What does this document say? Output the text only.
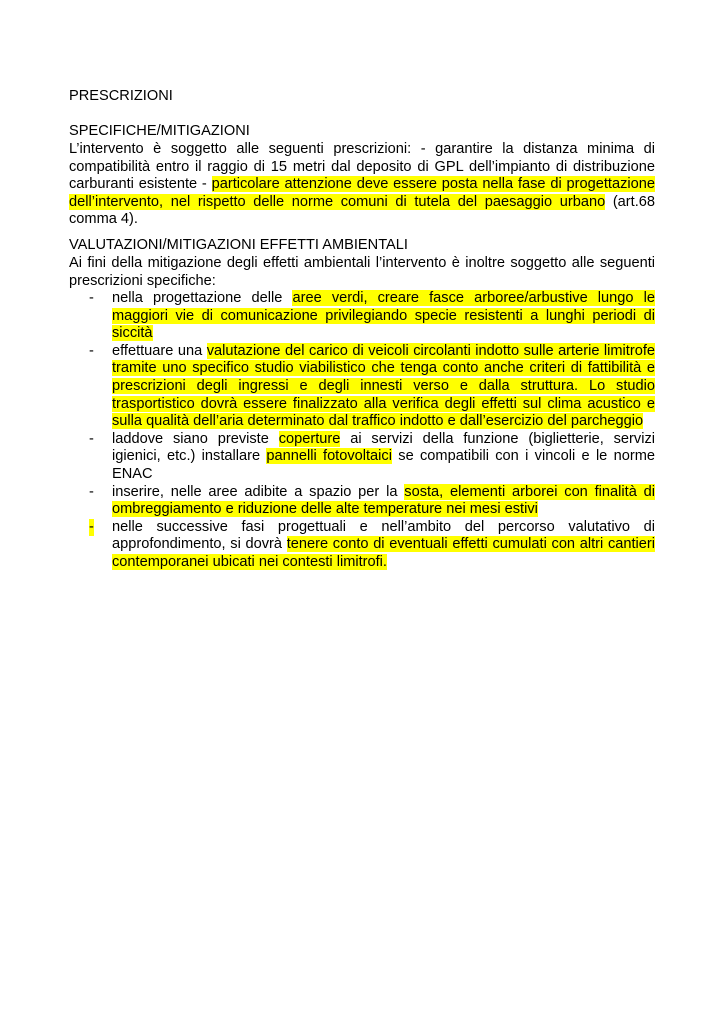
PRESCRIZIONI
SPECIFICHE/MITIGAZIONI
L’intervento è soggetto alle seguenti prescrizioni: - garantire la distanza minima di compatibilità entro il raggio di 15 metri dal deposito di GPL dell’impianto di distribuzione carburanti esistente - particolare attenzione deve essere posta nella fase di progettazione dell’intervento, nel rispetto delle norme comuni di tutela del paesaggio urbano (art.68 comma 4).
VALUTAZIONI/MITIGAZIONI EFFETTI AMBIENTALI
Ai fini della mitigazione degli effetti ambientali l’intervento è inoltre soggetto alle seguenti prescrizioni specifiche:
- nella progettazione delle aree verdi, creare fasce arboree/arbustive lungo le maggiori vie di comunicazione privilegiando specie resistenti a lunghi periodi di siccità
- effettuare una valutazione del carico di veicoli circolanti indotto sulle arterie limitrofe tramite uno specifico studio viabilistico che tenga conto anche criteri di fattibilità e prescrizioni degli ingressi e degli innesti verso e dalla struttura. Lo studio trasportistico dovrà essere finalizzato alla verifica degli effetti sul clima acustico e sulla qualità dell’aria determinato dal traffico indotto e dall’esercizio del parcheggio
- laddove siano previste coperture ai servizi della funzione (biglietterie, servizi igienici, etc.) installare pannelli fotovoltaici se compatibili con i vincoli e le norme ENAC
- inserire, nelle aree adibite a spazio per la sosta, elementi arborei con finalità di ombreggiamento e riduzione delle alte temperature nei mesi estivi
- nelle successive fasi progettuali e nell’ambito del percorso valutativo di approfondimento, si dovrà tenere conto di eventuali effetti cumulati con altri cantieri contemporanei ubicati nei contesti limitrofi.
